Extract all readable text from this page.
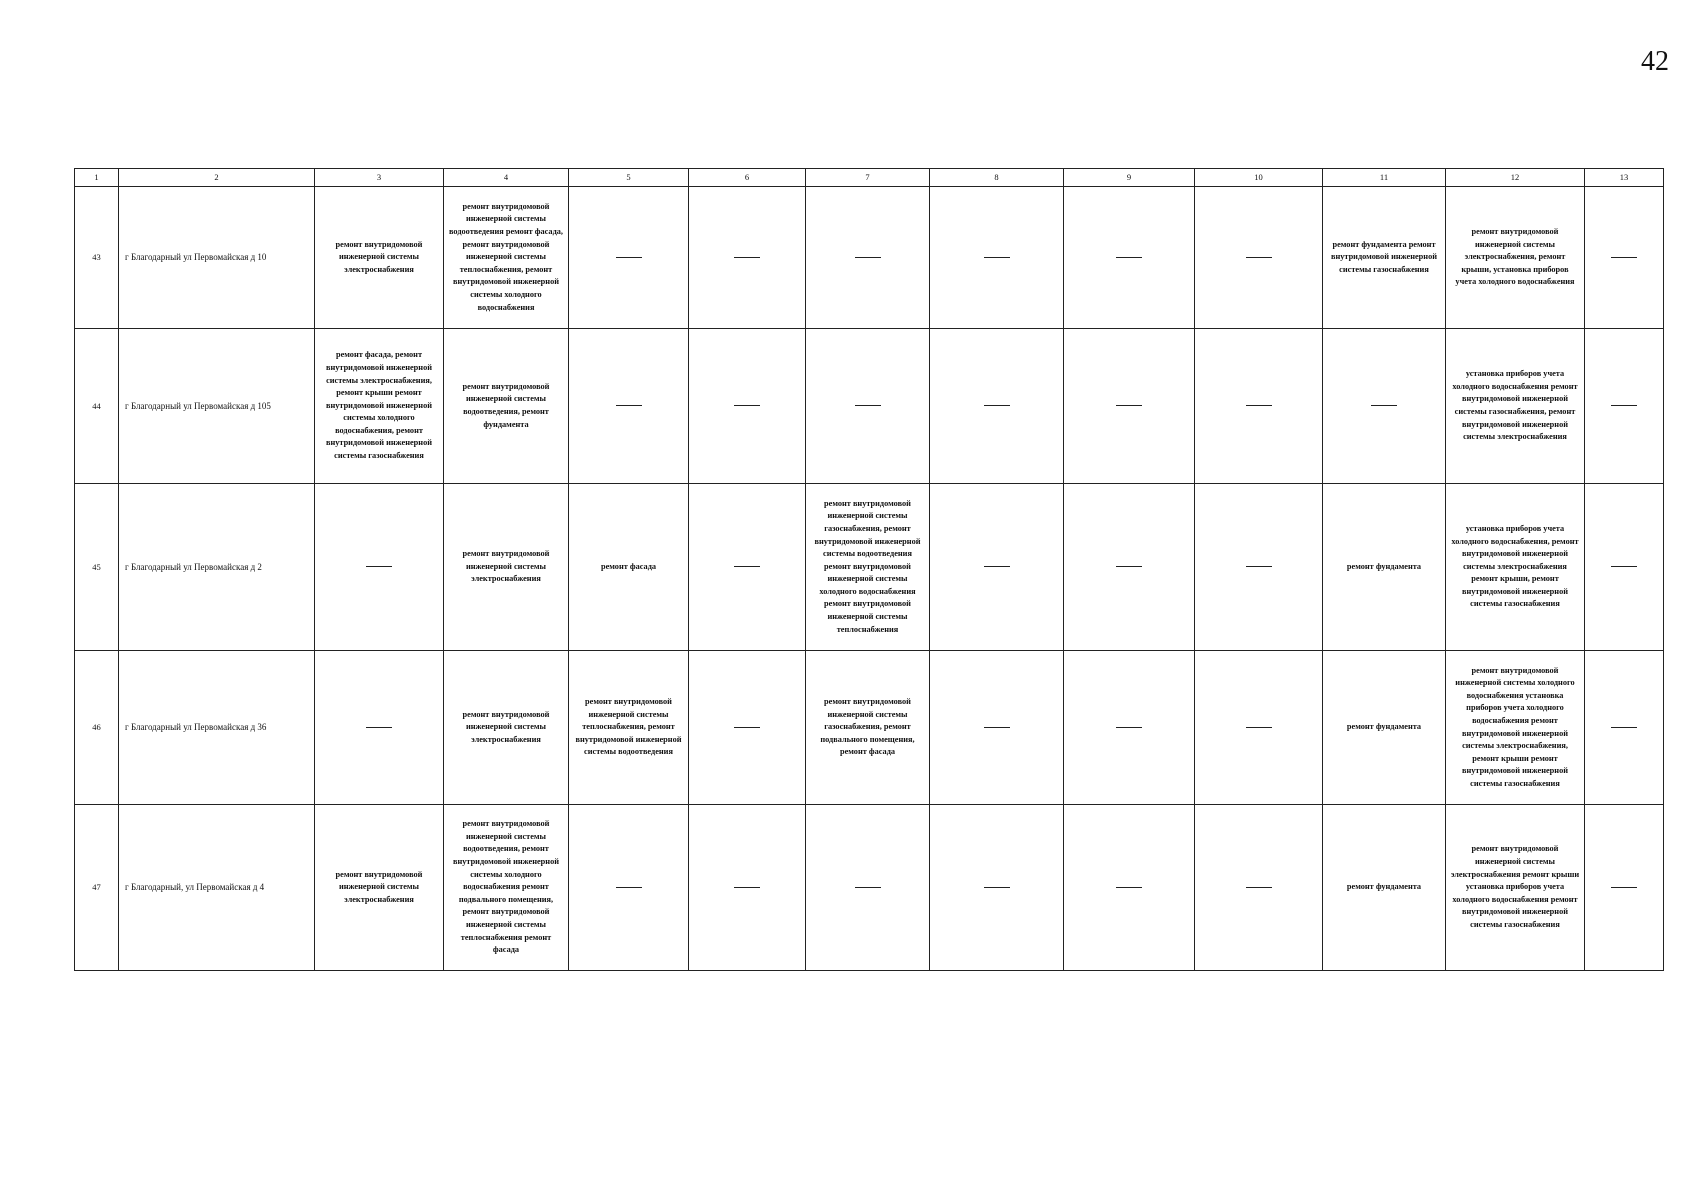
42
1	2	3	4	5	6	7	8	9	10	11	12	13
43	г Благодарный ул Первомайская д 10	ремонт внутридомовой инженерной системы электроснабжения	ремонт внутридомовой инженерной системы водоотведения ремонт фасада, ремонт внутридомовой инженерной системы теплоснабжения, ремонт внутридомовой инженерной системы холодного водоснабжения							ремонт фундамента ремонт внутридомовой инженерной системы газоснабжения	ремонт внутридомовой инженерной системы электроснабжения, ремонт крыши, установка приборов учета холодного водоснабжения	
44	г Благодарный ул Первомайская д 105	ремонт фасада, ремонт внутридомовой инженерной системы электроснабжения, ремонт крыши ремонт внутридомовой инженерной системы холодного водоснабжения, ремонт внутридомовой инженерной системы газоснабжения	ремонт внутридомовой инженерной системы водоотведения, ремонт фундамента								установка приборов учета холодного водоснабжения ремонт внутридомовой инженерной системы газоснабжения, ремонт внутридомовой инженерной системы электроснабжения	
45	г Благодарный ул Первомайская д 2		ремонт внутридомовой инженерной системы электроснабжения	ремонт фасада		ремонт внутридомовой инженерной системы газоснабжения, ремонт внутридомовой инженерной системы водоотведения ремонт внутридомовой инженерной системы холодного водоснабжения ремонт внутридомовой инженерной системы теплоснабжения				ремонт фундамента	установка приборов учета холодного водоснабжения, ремонт внутридомовой инженерной системы электроснабжения ремонт крыши, ремонт внутридомовой инженерной системы газоснабжения	
46	г Благодарный ул Первомайская д 36		ремонт внутридомовой инженерной системы электроснабжения	ремонт внутридомовой инженерной системы теплоснабжения, ремонт внутридомовой инженерной системы водоотведения		ремонт внутридомовой инженерной системы газоснабжения, ремонт подвального помещения, ремонт фасада				ремонт фундамента	ремонт внутридомовой инженерной системы холодного водоснабжения установка приборов учета холодного водоснабжения ремонт внутридомовой инженерной системы электроснабжения, ремонт крыши ремонт внутридомовой инженерной системы газоснабжения	
47	г Благодарный, ул Первомайская д 4	ремонт внутридомовой инженерной системы электроснабжения	ремонт внутридомовой инженерной системы водоотведения, ремонт внутридомовой инженерной системы холодного водоснабжения ремонт подвального помещения, ремонт внутридомовой инженерной системы теплоснабжения ремонт фасада							ремонт фундамента	ремонт внутридомовой инженерной системы электроснабжения ремонт крыши установка приборов учета холодного водоснабжения ремонт внутридомовой инженерной системы газоснабжения	
